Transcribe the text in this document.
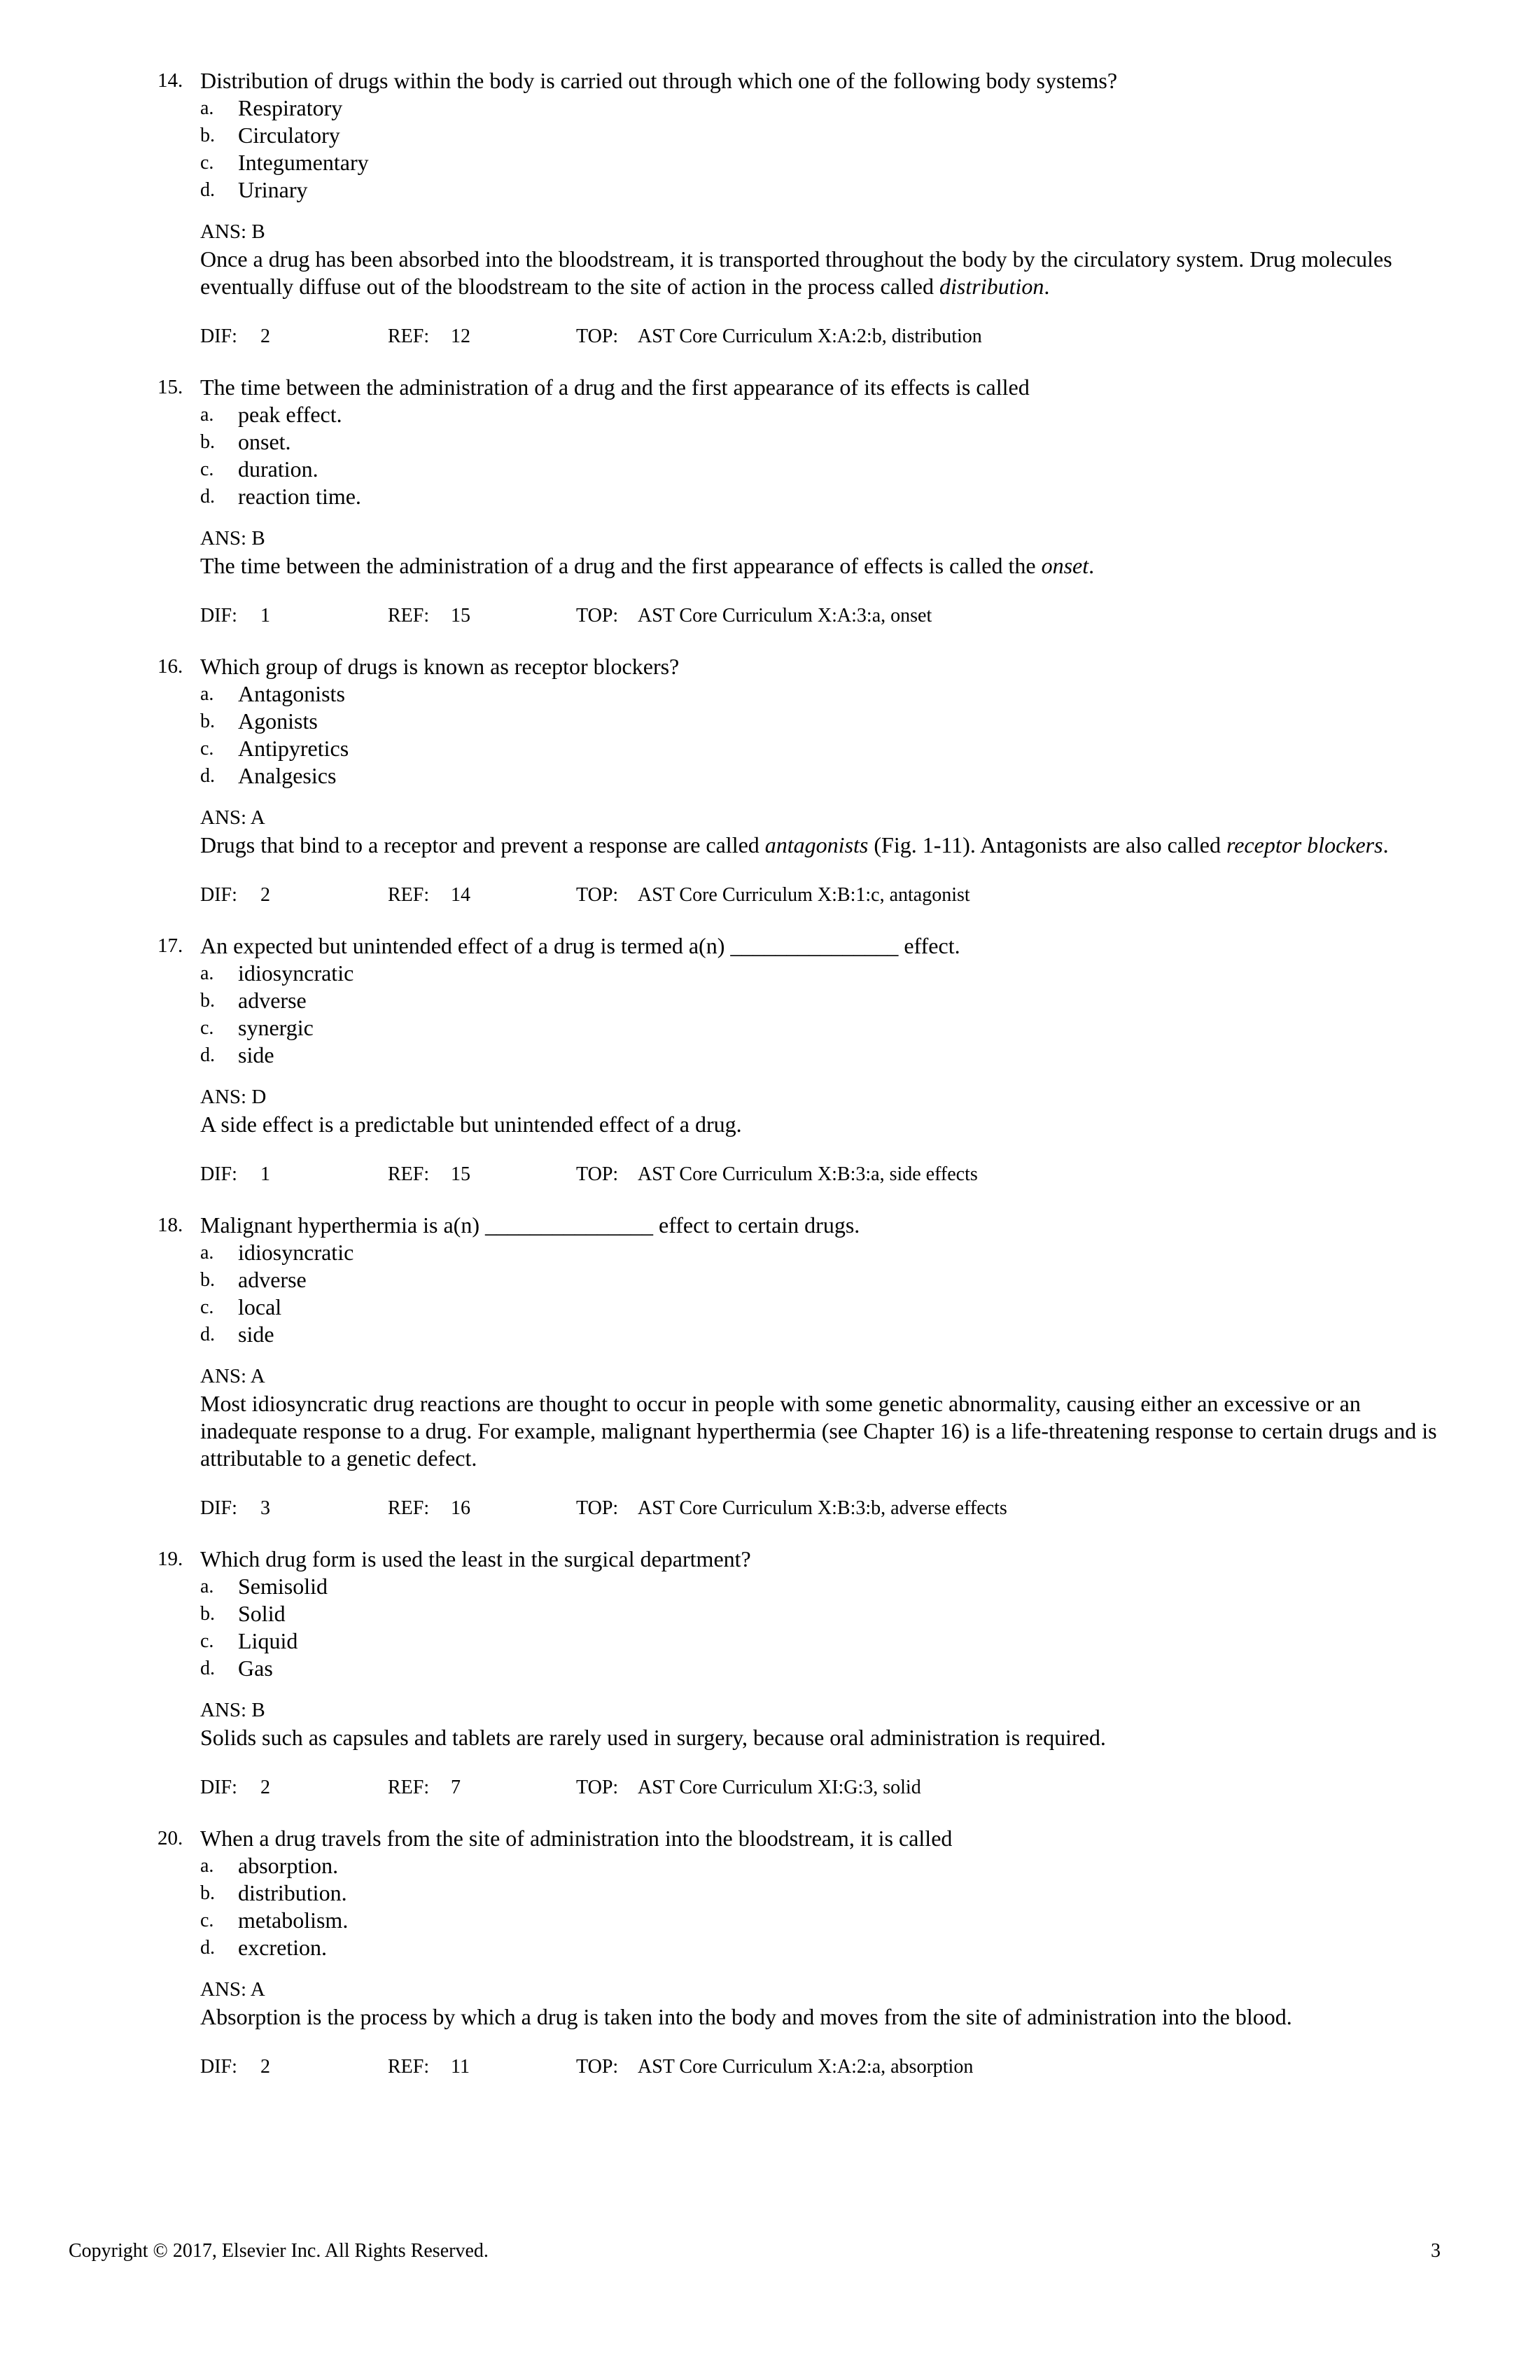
14. Distribution of drugs within the body is carried out through which one of the following body systems?
a. Respiratory
b. Circulatory
c. Integumentary
d. Urinary
ANS: B
Once a drug has been absorbed into the bloodstream, it is transported throughout the body by the circulatory system. Drug molecules eventually diffuse out of the bloodstream to the site of action in the process called distribution.
DIF: 2	REF: 12	TOP: AST Core Curriculum X:A:2:b, distribution
15. The time between the administration of a drug and the first appearance of its effects is called
a. peak effect.
b. onset.
c. duration.
d. reaction time.
ANS: B
The time between the administration of a drug and the first appearance of effects is called the onset.
DIF: 1	REF: 15	TOP: AST Core Curriculum X:A:3:a, onset
16. Which group of drugs is known as receptor blockers?
a. Antagonists
b. Agonists
c. Antipyretics
d. Analgesics
ANS: A
Drugs that bind to a receptor and prevent a response are called antagonists (Fig. 1-11). Antagonists are also called receptor blockers.
DIF: 2	REF: 14	TOP: AST Core Curriculum X:B:1:c, antagonist
17. An expected but unintended effect of a drug is termed a(n) _______________ effect.
a. idiosyncratic
b. adverse
c. synergic
d. side
ANS: D
A side effect is a predictable but unintended effect of a drug.
DIF: 1	REF: 15	TOP: AST Core Curriculum X:B:3:a, side effects
18. Malignant hyperthermia is a(n) _______________ effect to certain drugs.
a. idiosyncratic
b. adverse
c. local
d. side
ANS: A
Most idiosyncratic drug reactions are thought to occur in people with some genetic abnormality, causing either an excessive or an inadequate response to a drug. For example, malignant hyperthermia (see Chapter 16) is a life-threatening response to certain drugs and is attributable to a genetic defect.
DIF: 3	REF: 16	TOP: AST Core Curriculum X:B:3:b, adverse effects
19. Which drug form is used the least in the surgical department?
a. Semisolid
b. Solid
c. Liquid
d. Gas
ANS: B
Solids such as capsules and tablets are rarely used in surgery, because oral administration is required.
DIF: 2	REF: 7	TOP: AST Core Curriculum XI:G:3, solid
20. When a drug travels from the site of administration into the bloodstream, it is called
a. absorption.
b. distribution.
c. metabolism.
d. excretion.
ANS: A
Absorption is the process by which a drug is taken into the body and moves from the site of administration into the blood.
DIF: 2	REF: 11	TOP: AST Core Curriculum X:A:2:a, absorption
Copyright © 2017, Elsevier Inc. All Rights Reserved.	3
